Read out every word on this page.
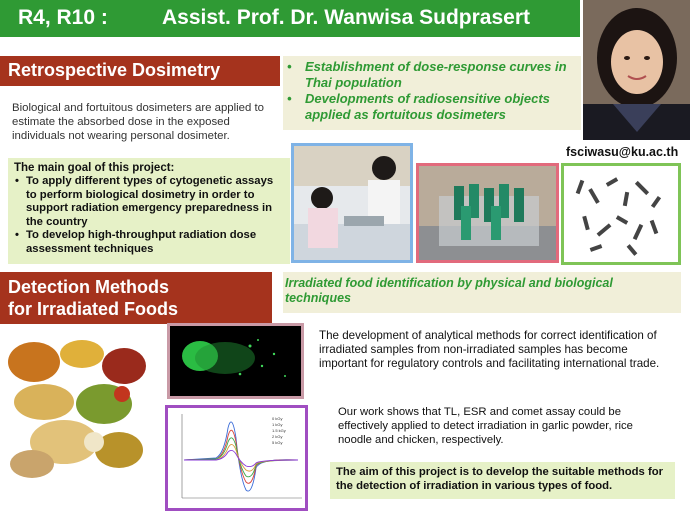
R4, R10 :	Assist. Prof. Dr. Wanwisa Sudprasert
Retrospective Dosimetry
Biological and fortuitous dosimeters are applied to estimate the absorbed dose in the exposed individuals not wearing personal dosimeter.
• Establishment of dose-response curves in Thai population
• Developments of radiosensitive objects applied as fortuitous dosimeters
The main goal of this project:
• To apply different types of cytogenetic assays to perform biological dosimetry in order to support radiation emergency preparedness in the country
• To develop high-throughput radiation dose assessment techniques
fsciwasu@ku.ac.th
Detection Methods
for Irradiated Foods
Irradiated food identification by physical and biological techniques
0 kGy
1 kGy
1.5 kGy
2 kGy
5 kGy
The development of analytical methods for correct identification of irradiated samples from non-irradiated samples has become important for regulatory controls and facilitating international trade.
Our work shows that TL, ESR and comet assay could be effectively applied to detect irradiation in garlic powder, rice noodle and chicken, respectively.
The aim of this project is to develop the suitable methods for the detection of irradiation in various types of food.
